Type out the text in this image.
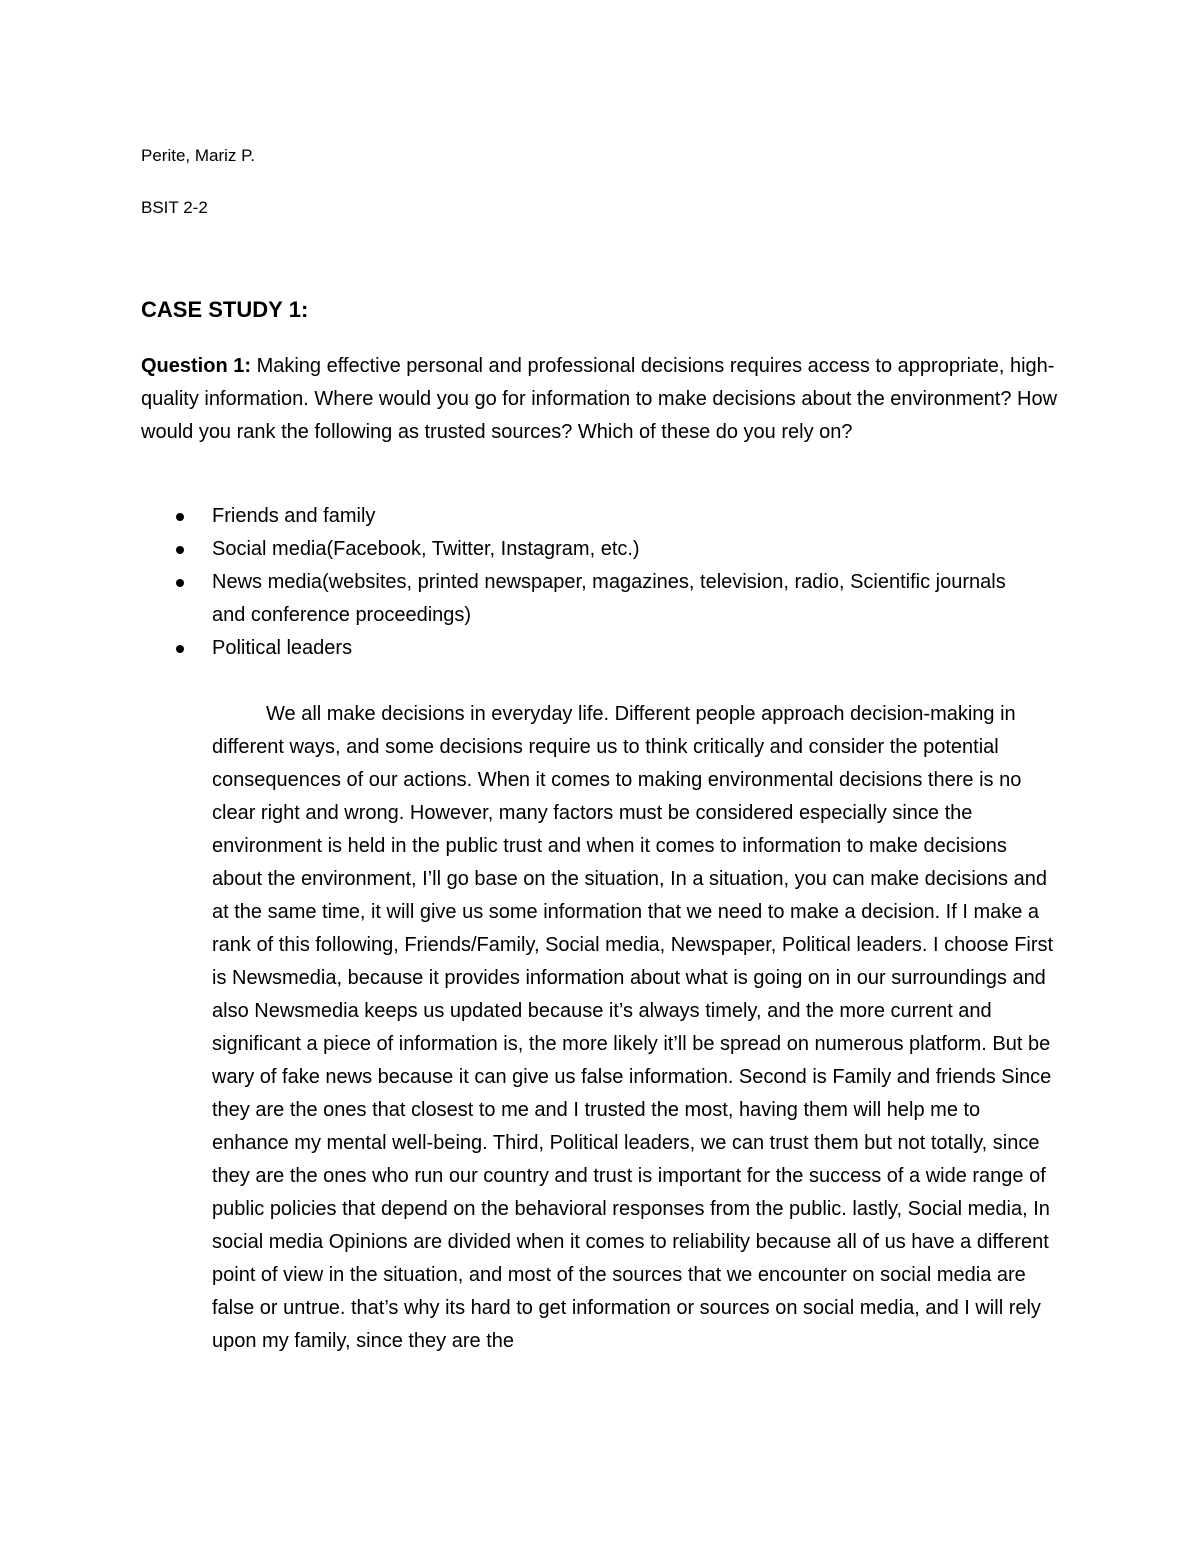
Perite, Mariz P.

BSIT 2-2

CASE STUDY 1:

Question 1: Making effective personal and professional decisions requires access to appropriate, high-quality information. Where would you go for information to make decisions about the environment? How would you rank the following as trusted sources? Which of these do you rely on?

Friends and family
Social media(Facebook, Twitter, Instagram, etc.)
News media(websites, printed newspaper, magazines, television, radio, Scientific journals and conference proceedings)
Political leaders

We all make decisions in everyday life. Different people approach decision-making in different ways, and some decisions require us to think critically and consider the potential consequences of our actions. When it comes to making environmental decisions there is no clear right and wrong. However, many factors must be considered especially since the environment is held in the public trust and when it comes to information to make decisions about the environment, I’ll go base on the situation, In a situation, you can make decisions and at the same time, it will give us some information that we need to make a decision. If I make a rank of this following, Friends/Family, Social media, Newspaper, Political leaders. I choose First is Newsmedia, because it provides information about what is going on in our surroundings and also Newsmedia keeps us updated because it’s always timely, and the more current and significant a piece of information is, the more likely it’ll be spread on numerous platform. But be wary of fake news because it can give us false information. Second is Family and friends Since they are the ones that closest to me and I trusted the most, having them will help me to enhance my mental well-being. Third, Political leaders, we can trust them but not totally, since they are the ones who run our country and trust is important for the success of a wide range of public policies that depend on the behavioral responses from the public. lastly, Social media, In social media Opinions are divided when it comes to reliability because all of us have a different point of view in the situation, and most of the sources that we encounter on social media are false or untrue. that’s why its hard to get information or sources on social media, and I will rely upon my family, since they are the
